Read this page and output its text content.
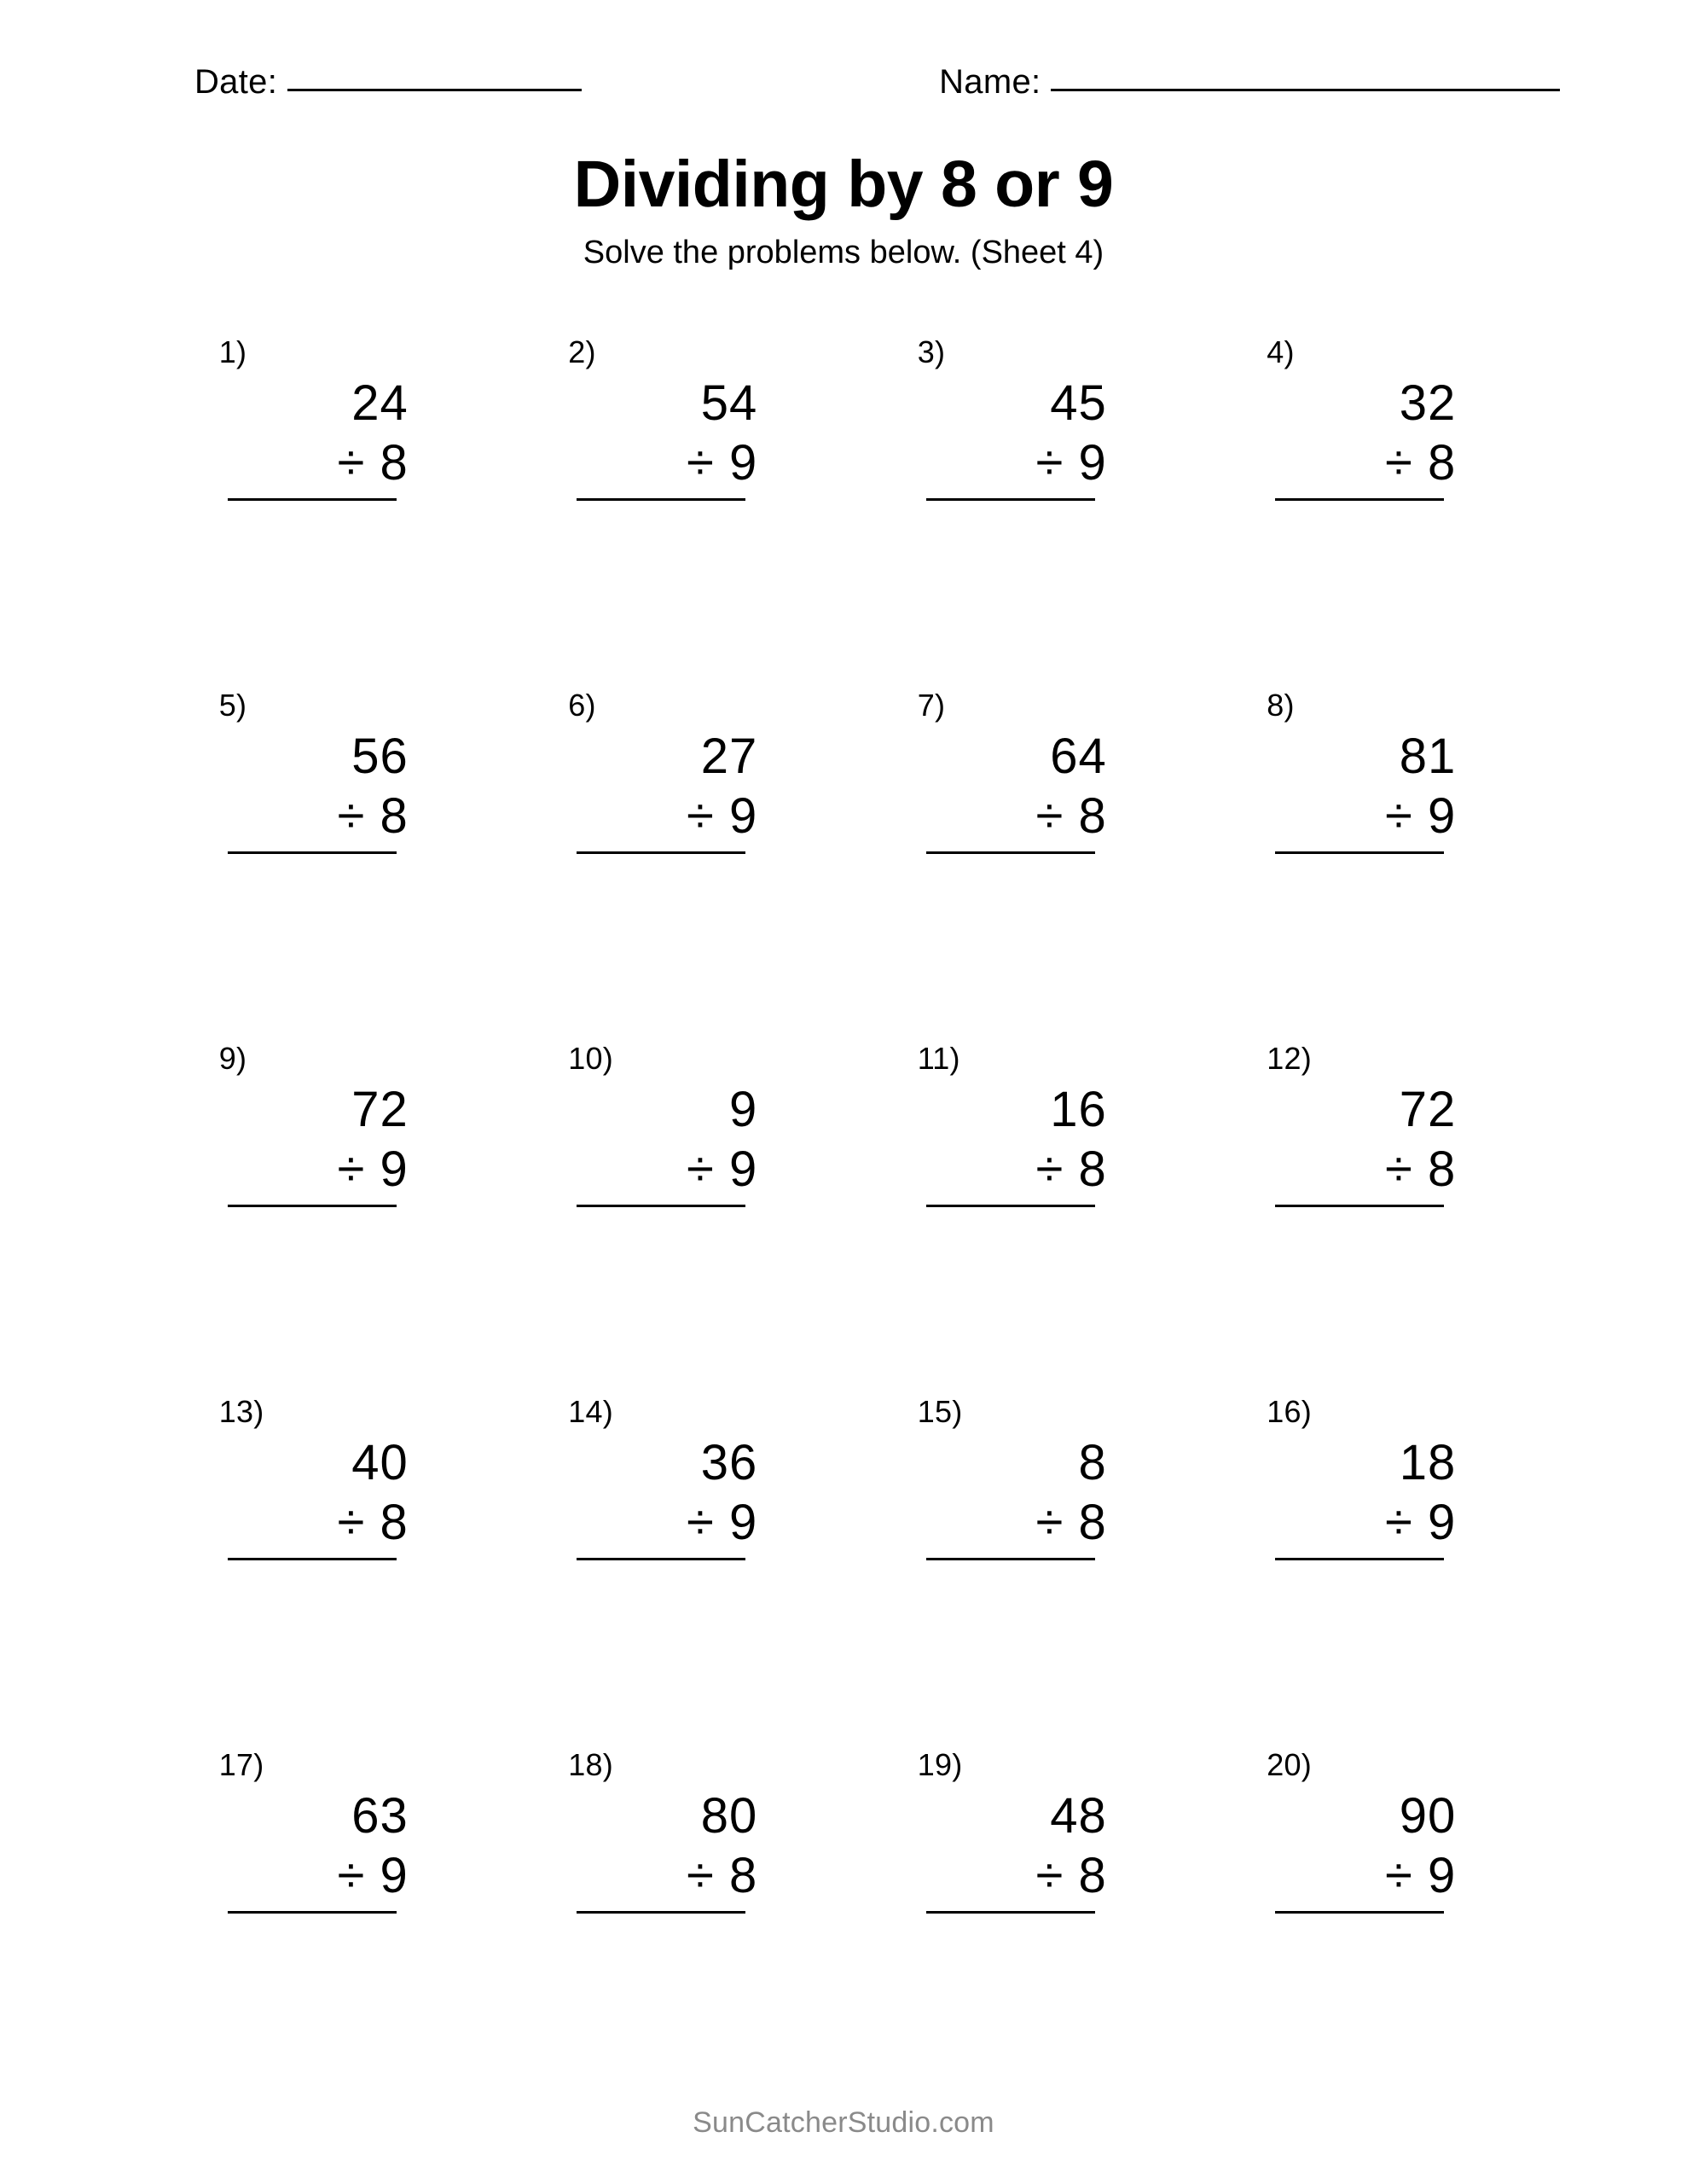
Date:	Name:
Dividing by 8 or 9
Solve the problems below. (Sheet 4)
1)
24
÷ 8
2)
54
÷ 9
3)
45
÷ 9
4)
32
÷ 8
5)
56
÷ 8
6)
27
÷ 9
7)
64
÷ 8
8)
81
÷ 9
9)
72
÷ 9
10)
9
÷ 9
11)
16
÷ 8
12)
72
÷ 8
13)
40
÷ 8
14)
36
÷ 9
15)
8
÷ 8
16)
18
÷ 9
17)
63
÷ 9
18)
80
÷ 8
19)
48
÷ 8
20)
90
÷ 9
SunCatcherStudio.com
